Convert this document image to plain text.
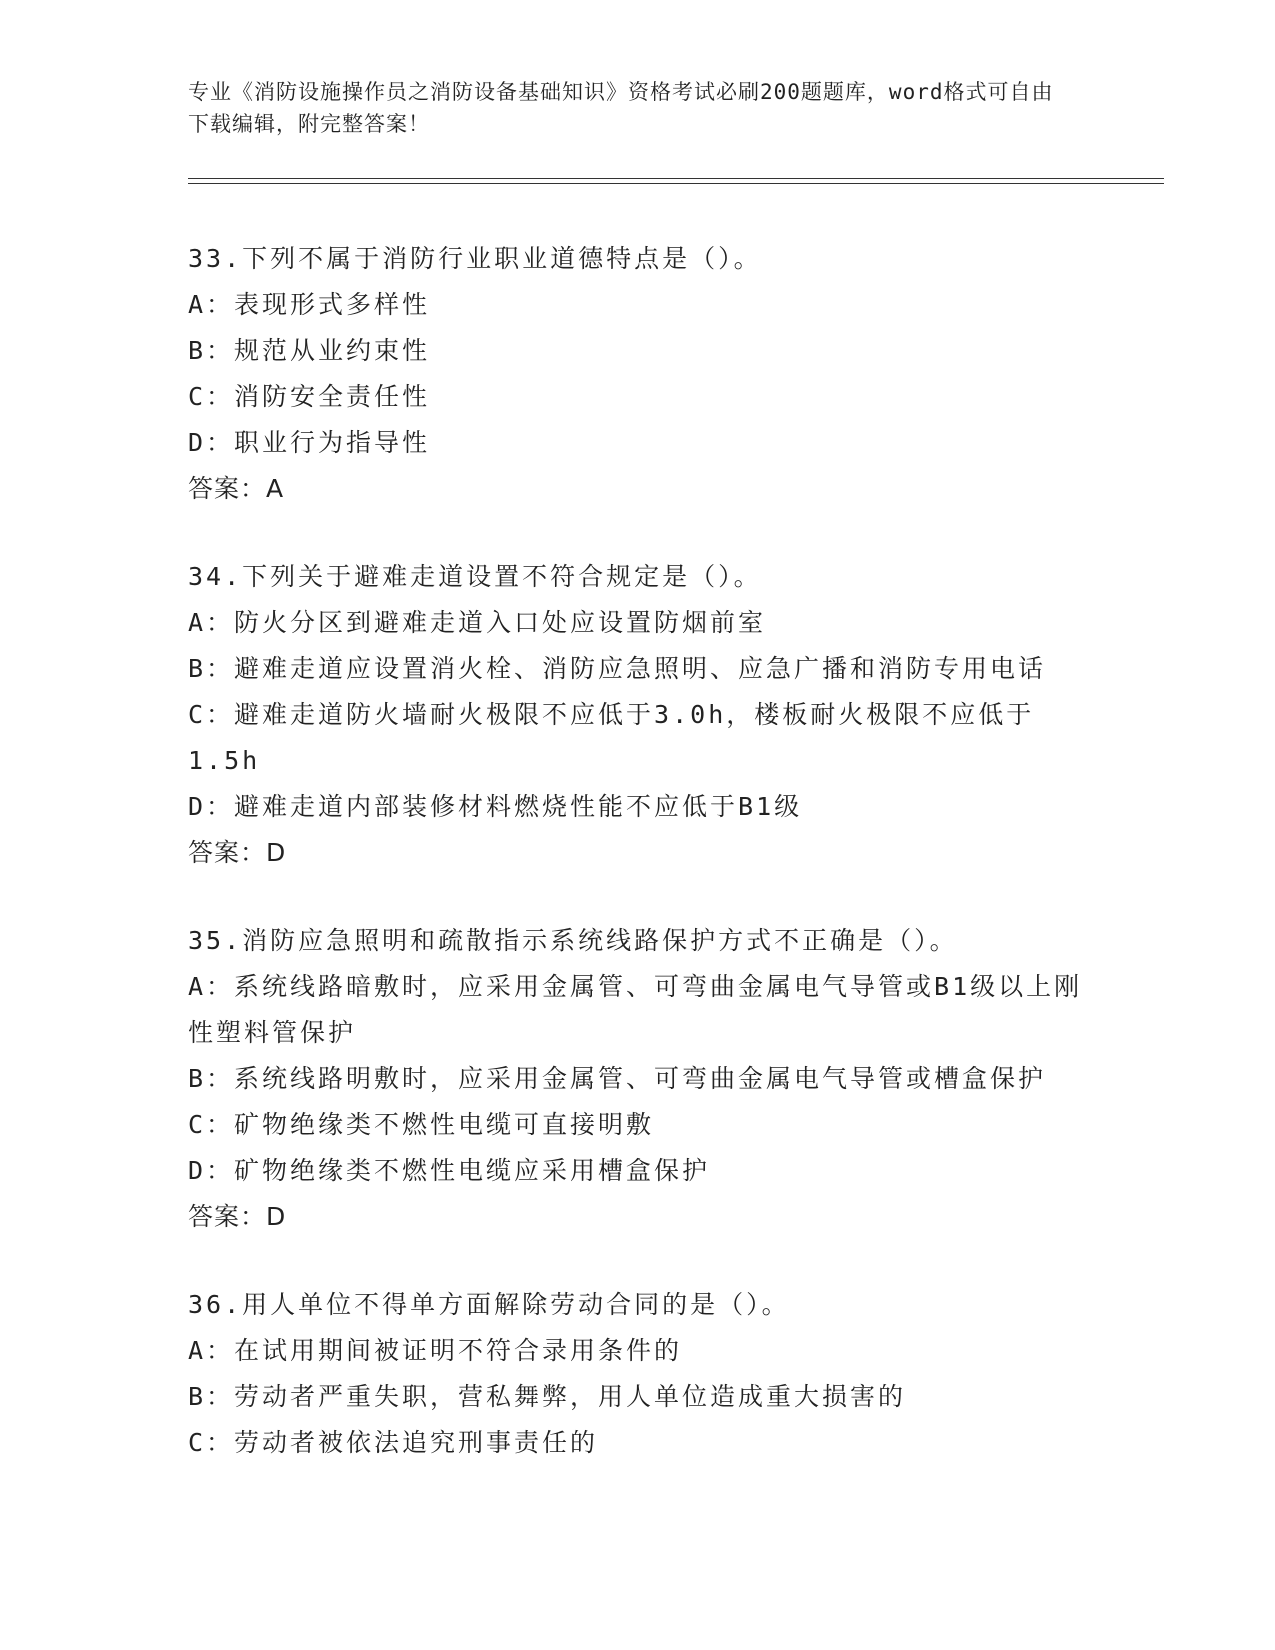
专业《消防设施操作员之消防设备基础知识》资格考试必刷200题题库，word格式可自由下载编辑，附完整答案！
33.下列不属于消防行业职业道德特点是（）。
A：表现形式多样性
B：规范从业约束性
C：消防安全责任性
D：职业行为指导性
答案：A
34.下列关于避难走道设置不符合规定是（）。
A：防火分区到避难走道入口处应设置防烟前室
B：避难走道应设置消火栓、消防应急照明、应急广播和消防专用电话
C：避难走道防火墙耐火极限不应低于3.0h，楼板耐火极限不应低于1.5h
D：避难走道内部装修材料燃烧性能不应低于B1级
答案：D
35.消防应急照明和疏散指示系统线路保护方式不正确是（）。
A：系统线路暗敷时，应采用金属管、可弯曲金属电气导管或B1级以上刚性塑料管保护
B：系统线路明敷时，应采用金属管、可弯曲金属电气导管或槽盒保护
C：矿物绝缘类不燃性电缆可直接明敷
D：矿物绝缘类不燃性电缆应采用槽盒保护
答案：D
36.用人单位不得单方面解除劳动合同的是（）。
A：在试用期间被证明不符合录用条件的
B：劳动者严重失职，营私舞弊，用人单位造成重大损害的
C：劳动者被依法追究刑事责任的
